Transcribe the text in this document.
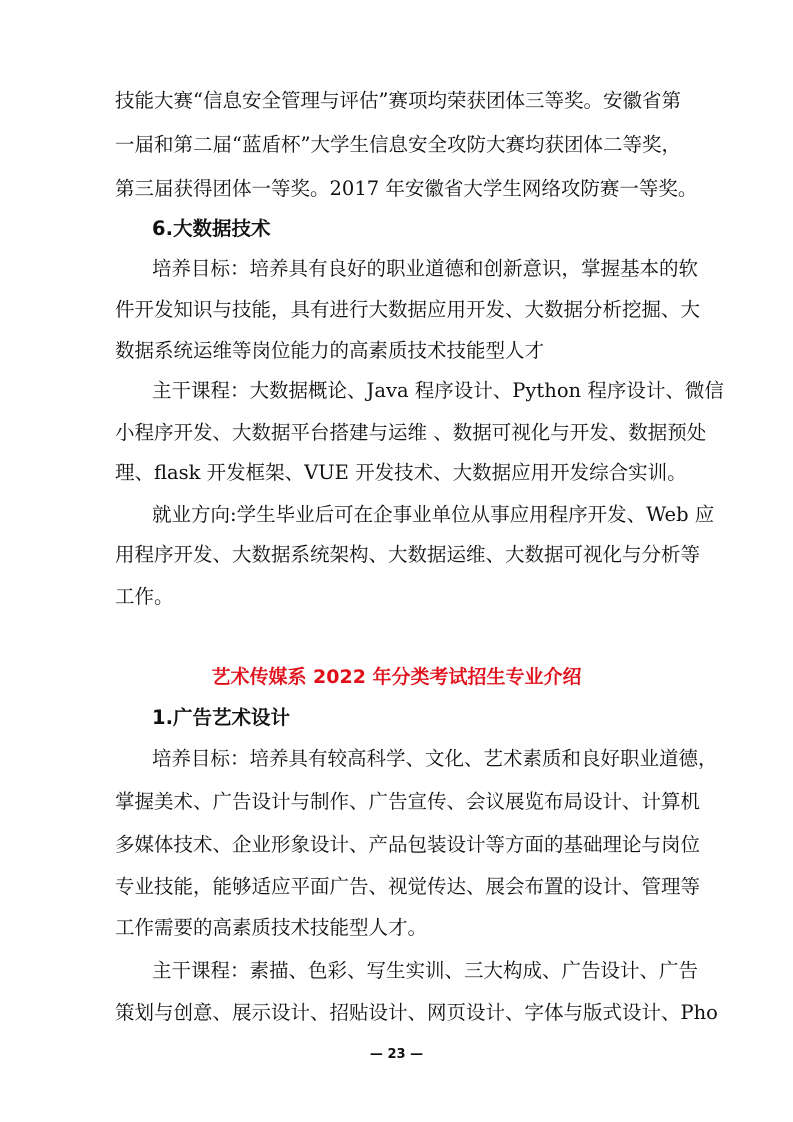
技能大赛“信息安全管理与评估”赛项均荣获团体三等奖。安徽省第
一届和第二届“蓝盾杯”大学生信息安全攻防大赛均获团体二等奖，
第三届获得团体一等奖。2017 年安徽省大学生网络攻防赛一等奖。
6.大数据技术
培养目标：培养具有良好的职业道德和创新意识，掌握基本的软
件开发知识与技能，具有进行大数据应用开发、大数据分析挖掘、大
数据系统运维等岗位能力的高素质技术技能型人才
主干课程：大数据概论、Java 程序设计、Python 程序设计、微信
小程序开发、大数据平台搭建与运维 、数据可视化与开发、数据预处
理、flask 开发框架、VUE 开发技术、大数据应用开发综合实训。
就业方向:学生毕业后可在企事业单位从事应用程序开发、Web 应
用程序开发、大数据系统架构、大数据运维、大数据可视化与分析等
工作。
艺术传媒系 2022 年分类考试招生专业介绍
1.广告艺术设计
培养目标：培养具有较高科学、文化、艺术素质和良好职业道德，
掌握美术、广告设计与制作、广告宣传、会议展览布局设计、计算机
多媒体技术、企业形象设计、产品包装设计等方面的基础理论与岗位
专业技能，能够适应平面广告、视觉传达、展会布置的设计、管理等
工作需要的高素质技术技能型人才。
主干课程：素描、色彩、写生实训、三大构成、广告设计、广告
策划与创意、展示设计、招贴设计、网页设计、字体与版式设计、Pho
— 23 —
